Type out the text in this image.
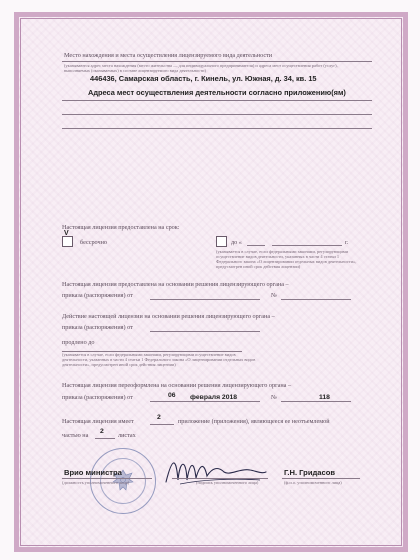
Место нахождения и места осуществления лицензируемого вида деятельности
(указываются адрес места нахождения (место жительства — для индивидуального предпринимателя) и адреса мест осуществления работ (услуг),
выполняемых (оказываемых) в составе лицензируемого вида деятельности)
446436, Самарская область, г. Кинель, ул. Южная, д. 34, кв. 15
Адреса мест осуществления деятельности согласно приложению(ям)
Настоящая лицензия предоставлена на срок:
V
бессрочно	до «	г.
(указывается в случае, если федеральными законами, регулирующими осуществление видов деятельности, указанных в части 4 статьи 1 Федерального закона «О лицензировании отдельных видов деятельности», предусмотрен иной срок действия лицензии)
Настоящая лицензия предоставлена на основании решения лицензирующего органа –
приказа (распоряжения) от	№
Действие настоящей лицензии на основании решения лицензирующего органа –
приказа (распоряжения) от
продлено до
(указывается в случае, если федеральными законами, регулирующими осуществление видов деятельности, указанных в части 4 статьи 1 Федерального закона «О лицензировании отдельных видов деятельности», предусмотрен иной срок действия лицензии)
Настоящая лицензия переоформлена на основании решения лицензирующего органа –
приказа (распоряжения) от	06 февраля 2018	№	118
Настоящая лицензия имеет
2
приложение (приложения), являющееся ее неотъемлемой
частью на
2
листах
Врио министра
(должность уполномоченного лица)	(подпись уполномоченного лица)
Г.Н. Гридасов
(ф.и.о. уполномоченного лица)
